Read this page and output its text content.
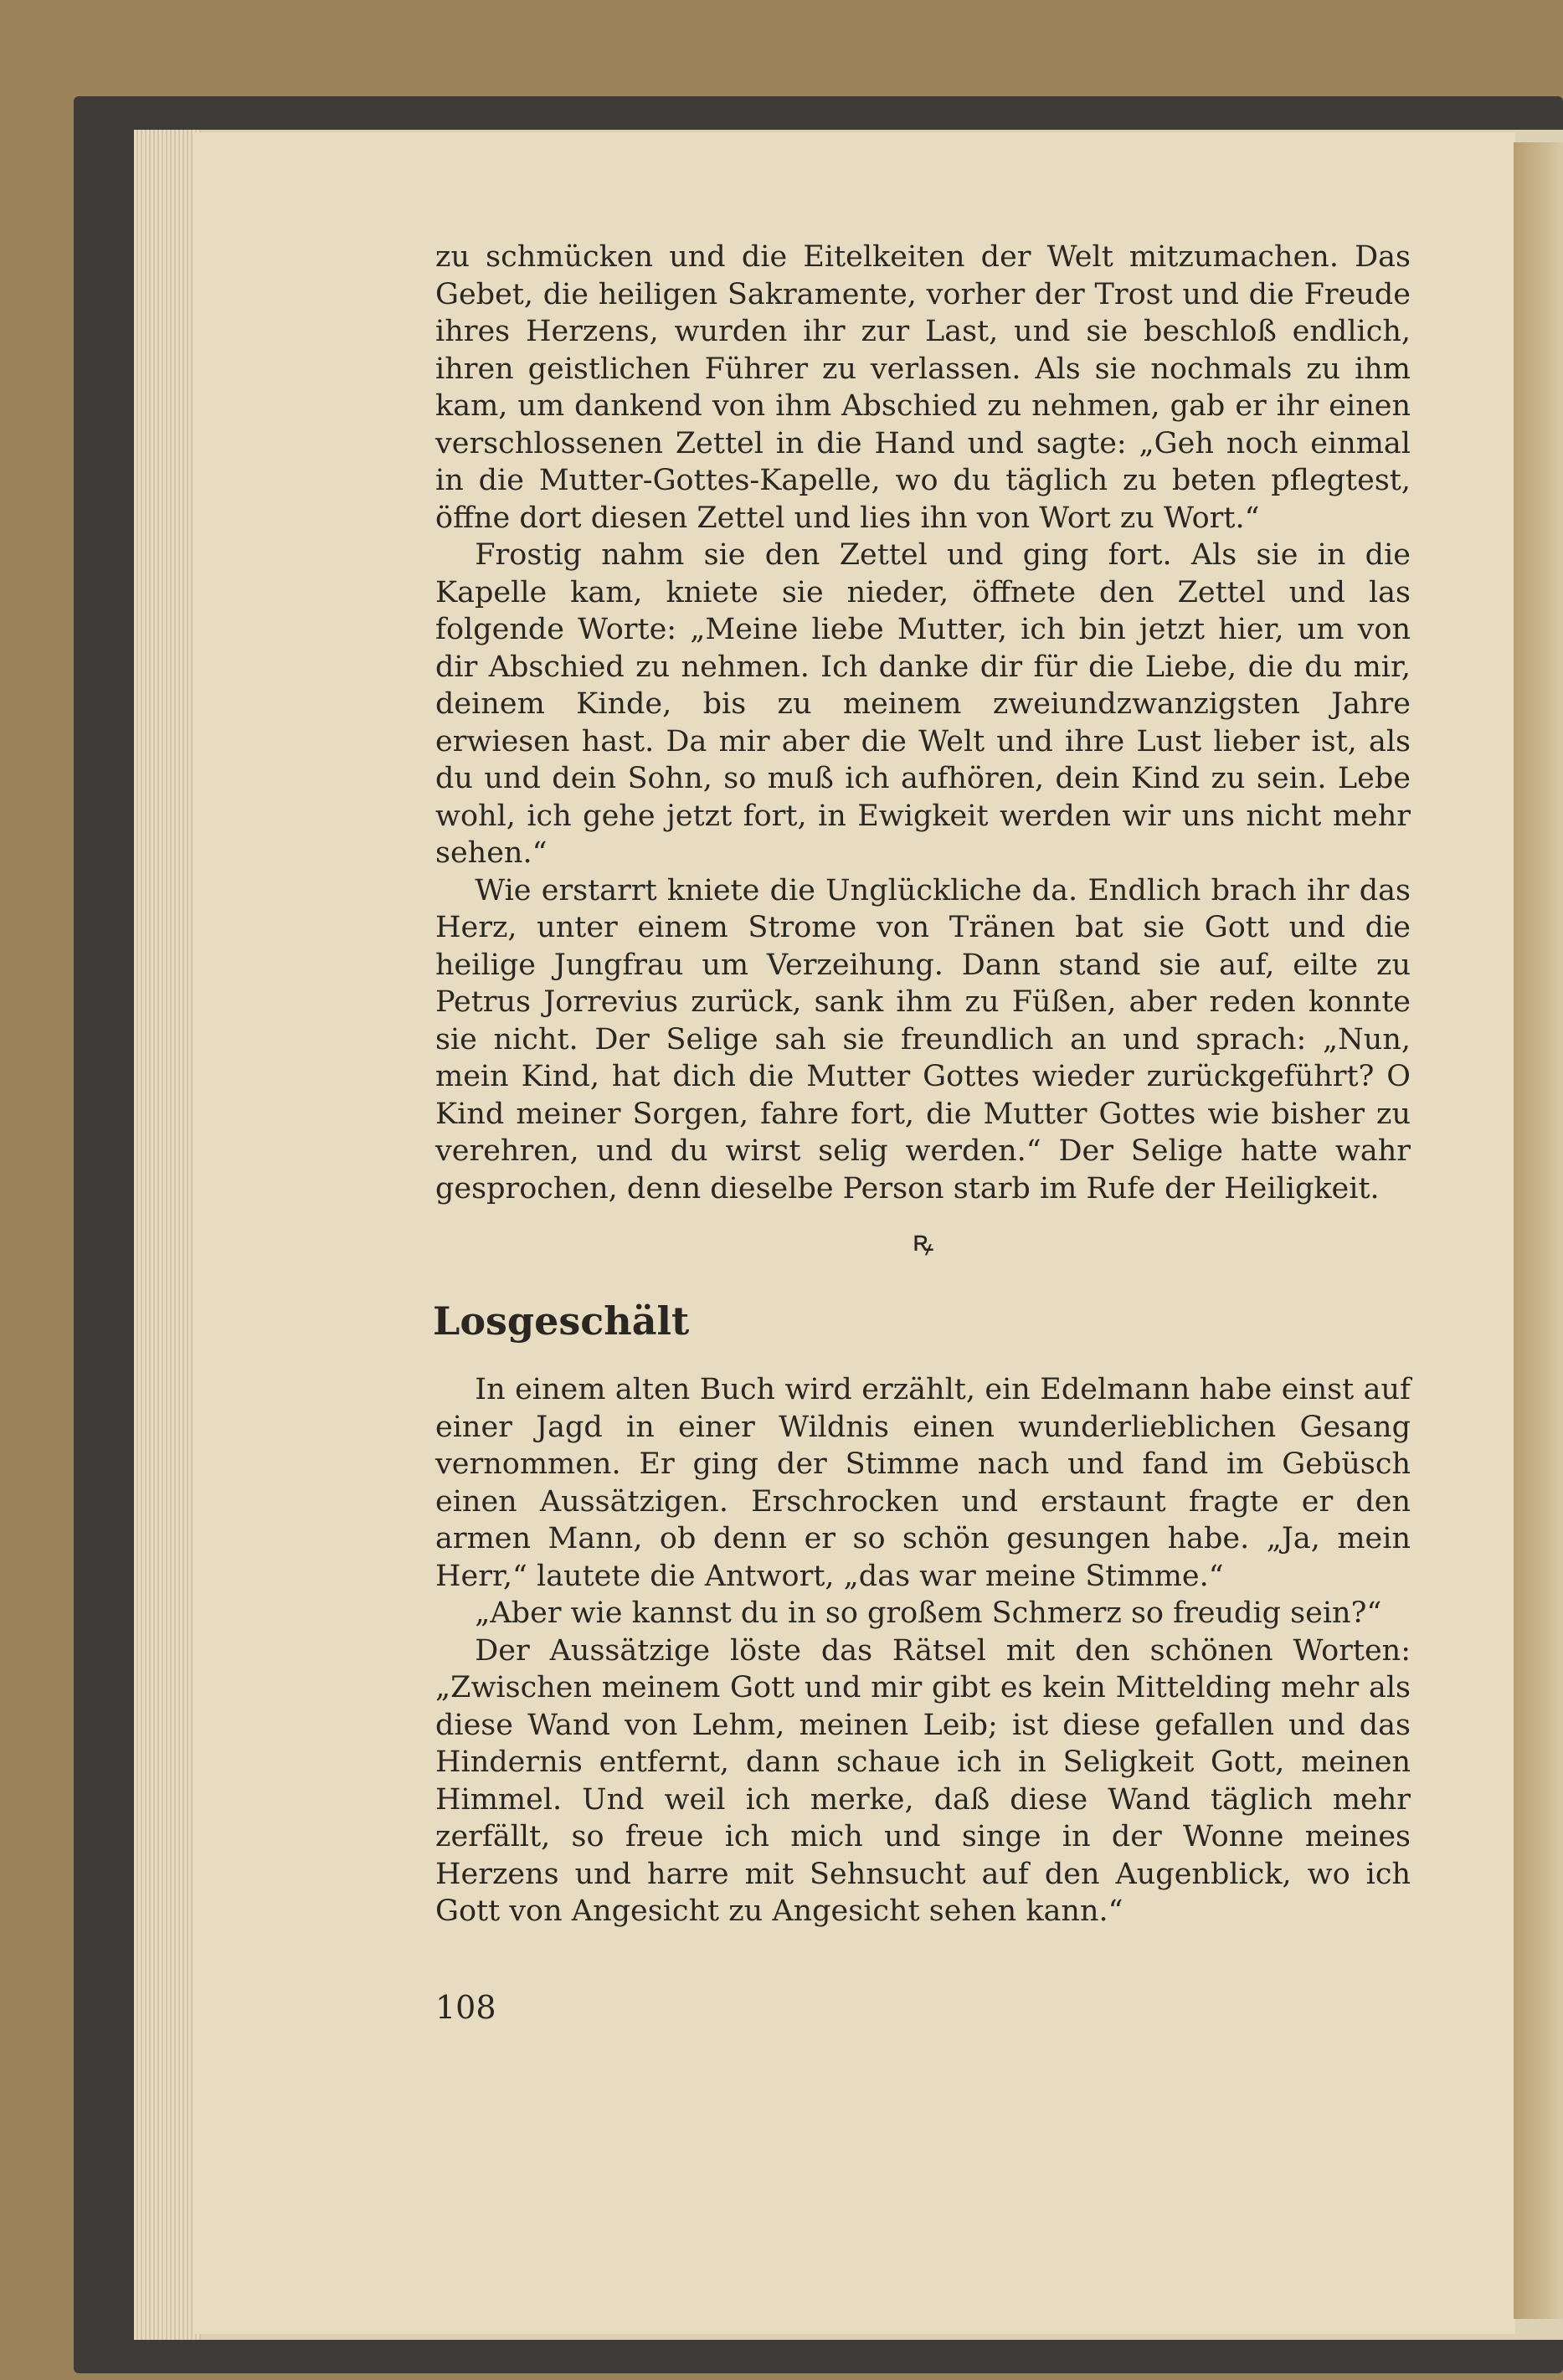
zu schmücken und die Eitelkeiten der Welt mitzumachen. Das Gebet, die heiligen Sakramente, vorher der Trost und die Freude ihres Herzens, wurden ihr zur Last, und sie beschloß endlich, ihren geistlichen Führer zu verlassen. Als sie nochmals zu ihm kam, um dankend von ihm Abschied zu nehmen, gab er ihr einen verschlossenen Zettel in die Hand und sagte: „Geh noch einmal in die Mutter-Gottes-Kapelle, wo du täglich zu beten pflegtest, öffne dort diesen Zettel und lies ihn von Wort zu Wort.“

Frostig nahm sie den Zettel und ging fort. Als sie in die Kapelle kam, kniete sie nieder, öffnete den Zettel und las folgende Worte: „Meine liebe Mutter, ich bin jetzt hier, um von dir Abschied zu nehmen. Ich danke dir für die Liebe, die du mir, deinem Kinde, bis zu meinem zweiundzwanzigsten Jahre erwiesen hast. Da mir aber die Welt und ihre Lust lieber ist, als du und dein Sohn, so muß ich aufhören, dein Kind zu sein. Lebe wohl, ich gehe jetzt fort, in Ewigkeit werden wir uns nicht mehr sehen.“

Wie erstarrt kniete die Unglückliche da. Endlich brach ihr das Herz, unter einem Strome von Tränen bat sie Gott und die heilige Jungfrau um Verzeihung. Dann stand sie auf, eilte zu Petrus Jorrevius zurück, sank ihm zu Füßen, aber reden konnte sie nicht. Der Selige sah sie freundlich an und sprach: „Nun, mein Kind, hat dich die Mutter Gottes wieder zurückgeführt? O Kind meiner Sorgen, fahre fort, die Mutter Gottes wie bisher zu verehren, und du wirst selig werden.“ Der Selige hatte wahr gesprochen, denn dieselbe Person starb im Rufe der Heiligkeit.

ꝶ
Losgeschält

In einem alten Buch wird erzählt, ein Edelmann habe einst auf einer Jagd in einer Wildnis einen wunderlieblichen Gesang vernommen. Er ging der Stimme nach und fand im Gebüsch einen Aussätzigen. Erschrocken und erstaunt fragte er den armen Mann, ob denn er so schön gesungen habe. „Ja, mein Herr,“ lautete die Antwort, „das war meine Stimme.“

„Aber wie kannst du in so großem Schmerz so freudig sein?“

Der Aussätzige löste das Rätsel mit den schönen Worten: „Zwischen meinem Gott und mir gibt es kein Mittelding mehr als diese Wand von Lehm, meinen Leib; ist diese gefallen und das Hindernis entfernt, dann schaue ich in Seligkeit Gott, meinen Himmel. Und weil ich merke, daß diese Wand täglich mehr zerfällt, so freue ich mich und singe in der Wonne meines Herzens und harre mit Sehnsucht auf den Augenblick, wo ich Gott von Angesicht zu Angesicht sehen kann.“

108
